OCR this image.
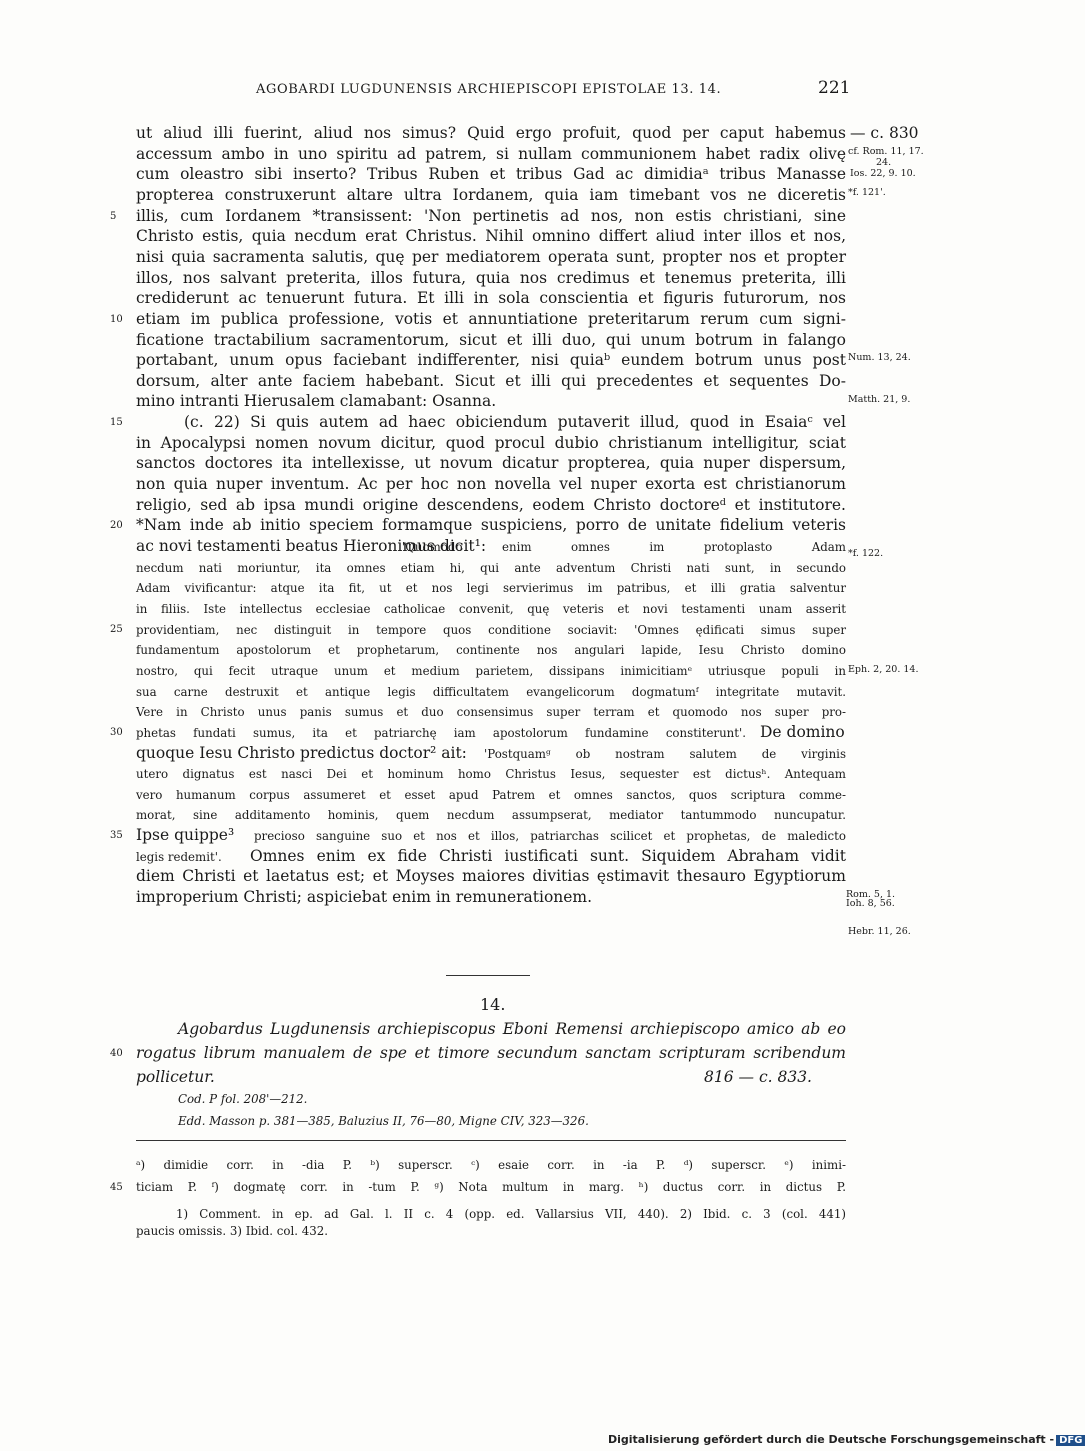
AGOBARDI LUGDUNENSIS ARCHIEPISCOPI EPISTOLAE 13. 14.	221
ut aliud illi fuerint, aliud nos simus? Quid ergo profuit, quod per caput habemus
accessum ambo in uno spiritu ad patrem, si nullam communionem habet radix olivę
cum oleastro sibi inserto? Tribus Ruben et tribus Gad ac dimidiaᵃ tribus Manasse
propterea construxerunt altare ultra Iordanem, quia iam timebant vos ne diceretis
illis, cum Iordanem *transissent: 'Non pertinetis ad nos, non estis christiani, sine
Christo estis, quia necdum erat Christus. Nihil omnino differt aliud inter illos et nos,
nisi quia sacramenta salutis, quę per mediatorem operata sunt, propter nos et propter
illos, nos salvant preterita, illos futura, quia nos credimus et tenemus preterita, illi
crediderunt ac tenuerunt futura. Et illi in sola conscientia et figuris futurorum, nos
etiam im publica professione, votis et annuntiatione preteritarum rerum cum signi-
ficatione tractabilium sacramentorum, sicut et illi duo, qui unum botrum in falango
portabant, unum opus faciebant indifferenter, nisi quiaᵇ eundem botrum unus post
dorsum, alter ante faciem habebant. Sicut et illi qui precedentes et sequentes Do-
mino intranti Hierusalem clamabant: Osanna.
(c. 22) Si quis autem ad haec obiciendum putaverit illud, quod in Esaiaᶜ vel
in Apocalypsi nomen novum dicitur, quod procul dubio christianum intelligitur, sciat
sanctos doctores ita intellexisse, ut novum dicatur propterea, quia nuper dispersum,
non quia nuper inventum. Ac per hoc non novella vel nuper exorta est christianorum
religio, sed ab ipsa mundi origine descendens, eodem Christo doctoreᵈ et institutore.
*Nam inde ab initio speciem formamque suspiciens, porro de unitate fidelium veteris
ac novi testamenti beatus Hieronimus dicit¹:
'Quomodo enim omnes im protoplasto Adam
necdum nati moriuntur, ita omnes etiam hi, qui ante adventum Christi nati sunt, in secundo
Adam vivificantur: atque ita fit, ut et nos legi servierimus im patribus, et illi gratia salventur
in filiis. Iste intellectus ecclesiae catholicae convenit, quę veteris et novi testamenti unam asserit
providentiam, nec distinguit in tempore quos conditione sociavit: 'Omnes ędificati simus super
fundamentum apostolorum et prophetarum, continente nos angulari lapide, Iesu Christo domino
nostro, qui fecit utraque unum et medium parietem, dissipans inimicitiamᵉ utriusque populi in
sua carne destruxit et antique legis difficultatem evangelicorum dogmatumᶠ integritate mutavit.
Vere in Christo unus panis sumus et duo consensimus super terram et quomodo nos super pro-
phetas fundati sumus, ita et patriarchę iam apostolorum fundamine constiterunt'. De domino
quoque Iesu Christo predictus doctor² ait: 'Postquamᵍ ob nostram salutem de virginis
utero dignatus est nasci Dei et hominum homo Christus Iesus, sequester est dictusʰ. Antequam
vero humanum corpus assumeret et esset apud Patrem et omnes sanctos, quos scriptura comme-
morat, sine additamento hominis, quem necdum assumpserat, mediator tantummodo nuncupatur.
Ipse quippe³ precioso sanguine suo et nos et illos, patriarchas scilicet et prophetas, de maledicto
legis redemit'. Omnes enim ex fide Christi iustificati sunt. Siquidem Abraham vidit
diem Christi et laetatus est; et Moyses maiores divitias ęstimavit thesauro Egyptiorum
improperium Christi; aspiciebat enim in remunerationem.
5
10
15
20
25
30
35
40
45
— c. 830
cf. Rom. 11, 17.
24.
Ios. 22, 9. 10.
*f. 121'.
Num. 13, 24.
Matth. 21, 9.
*f. 122.
Eph. 2, 20. 14.
Rom. 5, 1.
Ioh. 8, 56.
Hebr. 11, 26.
14.
Agobardus Lugdunensis archiepiscopus Eboni Remensi archiepiscopo amico ab eo
rogatus librum manualem de spe et timore secundum sanctam scripturam scribendum
pollicetur.	816 — c. 833.
Cod. P fol. 208'—212.
Edd. Masson p. 381—385, Baluzius II, 76—80, Migne CIV, 323—326.
ᵃ) dimidie corr. in -dia P. ᵇ) superscr. ᶜ) esaie corr. in -ia P. ᵈ) superscr. ᵉ) inimi-
ticiam P. ᶠ) dogmatę corr. in -tum P. ᵍ) Nota multum in marg. ʰ) ductus corr. in dictus P.
1) Comment. in ep. ad Gal. l. II c. 4 (opp. ed. Vallarsius VII, 440). 2) Ibid. c. 3 (col. 441)
paucis omissis. 3) Ibid. col. 432.
Digitalisierung gefördert durch die Deutsche Forschungsgemeinschaft - DFG
